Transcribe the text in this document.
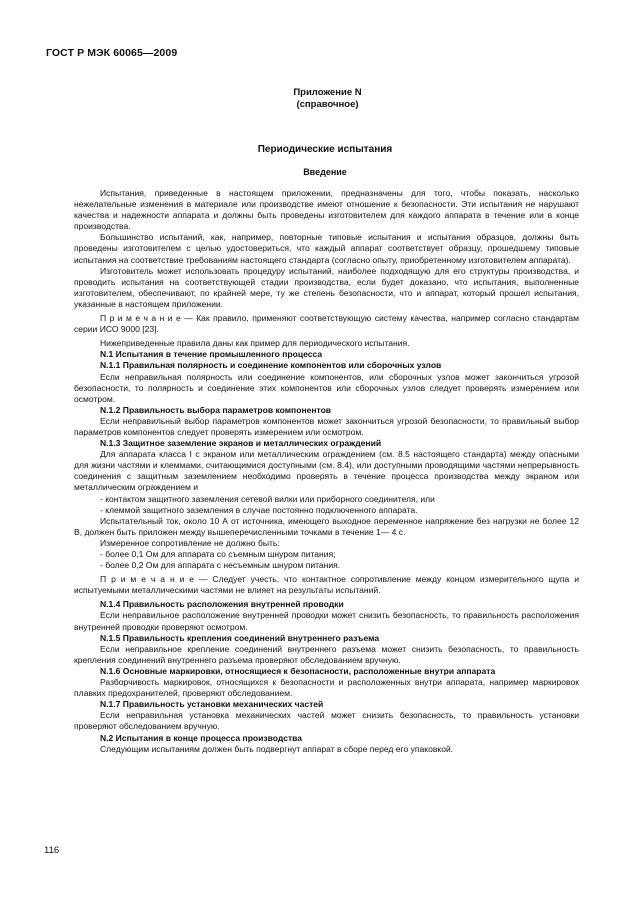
ГОСТ Р МЭК 60065—2009
Приложение N
(справочное)
Периодические испытания
Введение

Испытания, приведенные в настоящем приложении, предназначены для того, чтобы показать, насколько нежелательные изменения в материале или производстве имеют отношение к безопасности. Эти испытания не нарушают качества и надежности аппарата и должны быть проведены изготовителем для каждого аппарата в течение или в конце производства.

Большинство испытаний, как, например, повторные типовые испытания и испытания образцов, должны быть проведены изготовителем с целью удостовериться, что каждый аппарат соответствует образцу, прошедшему типовые испытания на соответствие требованиям настоящего стандарта (согласно опыту, приобретенному изготовителем аппарата).

Изготовитель может использовать процедуру испытаний, наиболее подходящую для его структуры производства, и проводить испытания на соответствующей стадии производства, если будет доказано, что испытания, выполненные изготовителем, обеспечивают, по крайней мере, ту же степень безопасности, что и аппарат, который прошел испытания, указанные в настоящем приложении.

П р и м е ч а н и е — Как правило, применяют соответствующую систему качества, например согласно стандартам серии ИСО 9000 [23].

Нижеприведенные правила даны как пример для периодического испытания.

N.1 Испытания в течение промышленного процесса

N.1.1 Правильная полярность и соединение компонентов или сборочных узлов

Если неправильная полярность или соединение компонентов, или сборочных узлов может закончиться угрозой безопасности, то полярность и соединение этих компонентов или сборочных узлов следует проверять измерением или осмотром.

N.1.2 Правильность выбора параметров компонентов

Если неправильный выбор параметров компонентов может закончиться угрозой безопасности, то правильный выбор параметров компонентов следует проверять измерением или осмотром.

N.1.3 Защитное заземление экранов и металлических ограждений

Для аппарата класса I с экраном или металлическим ограждением (см. 8.5 настоящего стандарта) между опасными для жизни частями и клеммами, считающимися доступными (см. 8.4), или доступными проводящими частями непрерывность соединения с защитным заземлением необходимо проверять в течение процесса производства между экраном или металлическим ограждением и

- контактом защитного заземления сетевой вилки или приборного соединителя, или

- клеммой защитного заземления в случае постоянно подключенного аппарата.

Испытательный ток, около 10 А от источника, имеющего выходное переменное напряжение без нагрузки не более 12 В, должен быть приложен между вышеперечисленными точками в течение 1— 4 с.

Измеренное сопротивление не должно быть:

- более 0,1 Ом для аппарата со съемным шнуром питания;

- более 0,2 Ом для аппарата с несъемным шнуром питания.

П р и м е ч а н и е — Следует учесть, что контактное сопротивление между концом измерительного щупа и испытуемыми металлическими частями не влияет на результаты испытаний.

N.1.4 Правильность расположения внутренней проводки

Если неправильное расположение внутренней проводки может снизить безопасность, то правильность расположения внутренней проводки проверяют осмотром.

N.1.5 Правильность крепления соединений внутреннего разъема

Если неправильное крепление соединений внутреннего разъема может снизить безопасность, то правильность крепления соединений внутреннего разъема проверяют обследованием вручную.

N.1.6 Основные маркировки, относящиеся к безопасности, расположенные внутри аппарата

Разборчивость маркировок, относящихся к безопасности и расположенных внутри аппарата, например маркировок плавких предохранителей, проверяют обследованием.

N.1.7 Правильность установки механических частей

Если неправильная установка механических частей может снизить безопасность, то правильность установки проверяют обследованием вручную.

N.2 Испытания в конце процесса производства

Следующим испытаниям должен быть подвергнут аппарат в сборе перед его упаковкой.

116
